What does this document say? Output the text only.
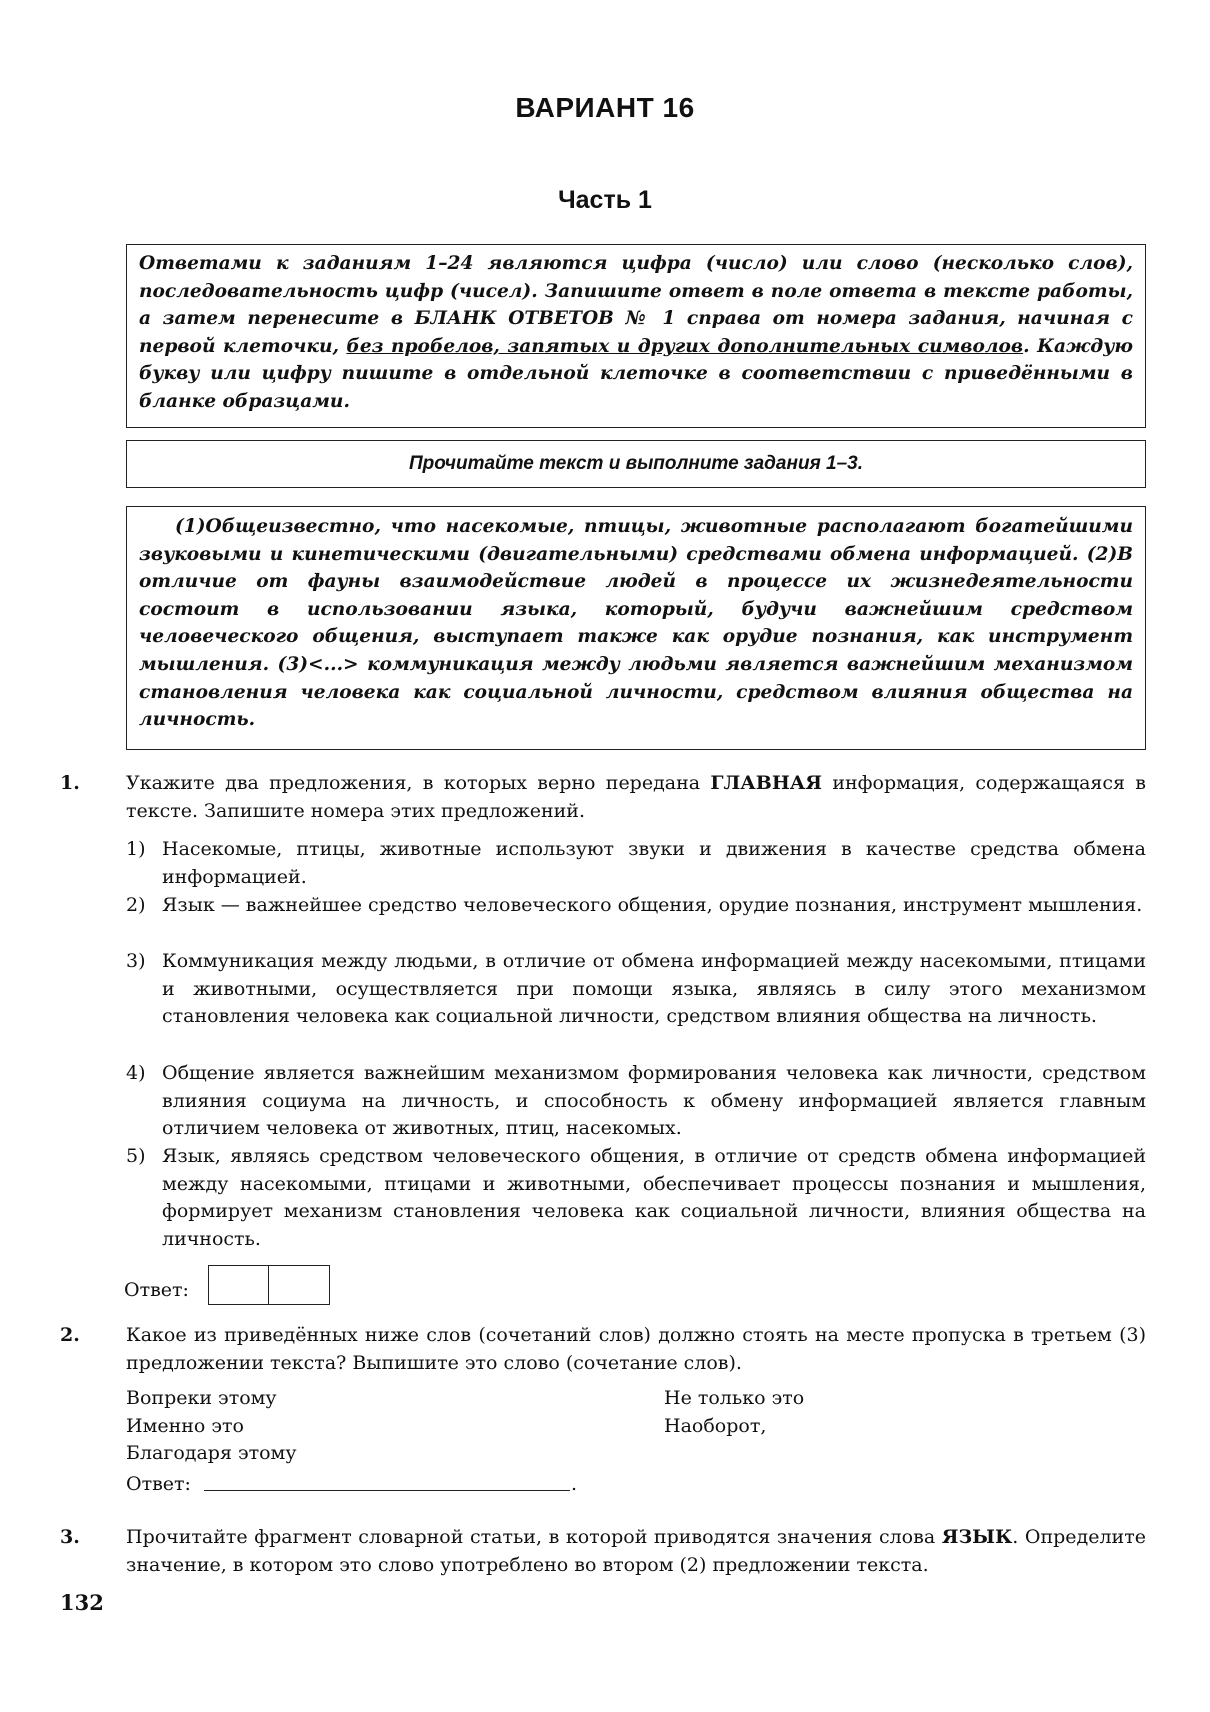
ВАРИАНТ 16
Часть 1
Ответами к заданиям 1–24 являются цифра (число) или слово (несколько слов), последовательность цифр (чисел). Запишите ответ в поле ответа в тексте работы, а затем перенесите в БЛАНК ОТВЕТОВ № 1 справа от номера задания, начиная с первой клеточки, без пробелов, запятых и других дополнительных символов. Каждую букву или цифру пишите в отдельной клеточке в соответствии с приведёнными в бланке образцами.
Прочитайте текст и выполните задания 1–3.
(1)Общеизвестно, что насекомые, птицы, животные располагают богатейшими звуковыми и кинетическими (двигательными) средствами обмена информацией. (2)В отличие от фауны взаимодействие людей в процессе их жизнедеятельности состоит в использовании языка, который, будучи важнейшим средством человеческого общения, выступает также как орудие познания, как инструмент мышления. (3)<...> коммуникация между людьми является важнейшим механизмом становления человека как социальной личности, средством влияния общества на личность.
1. Укажите два предложения, в которых верно передана ГЛАВНАЯ информация, содержащаяся в тексте. Запишите номера этих предложений.
1) Насекомые, птицы, животные используют звуки и движения в качестве средства обмена информацией.
2) Язык — важнейшее средство человеческого общения, орудие познания, инструмент мышления.
3) Коммуникация между людьми, в отличие от обмена информацией между насекомыми, птицами и животными, осуществляется при помощи языка, являясь в силу этого механизмом становления человека как социальной личности, средством влияния общества на личность.
4) Общение является важнейшим механизмом формирования человека как личности, средством влияния социума на личность, и способность к обмену информацией является главным отличием человека от животных, птиц, насекомых.
5) Язык, являясь средством человеческого общения, в отличие от средств обмена информацией между насекомыми, птицами и животными, обеспечивает процессы познания и мышления, формирует механизм становления человека как социальной личности, влияния общества на личность.
Ответ:
2. Какое из приведённых ниже слов (сочетаний слов) должно стоять на месте пропуска в третьем (3) предложении текста? Выпишите это слово (сочетание слов).
Вопреки этому
Именно это
Благодаря этому
Не только это
Наоборот,
Ответ:	.
3. Прочитайте фрагмент словарной статьи, в которой приводятся значения слова ЯЗЫК. Определите значение, в котором это слово употреблено во втором (2) предложении текста.
132
